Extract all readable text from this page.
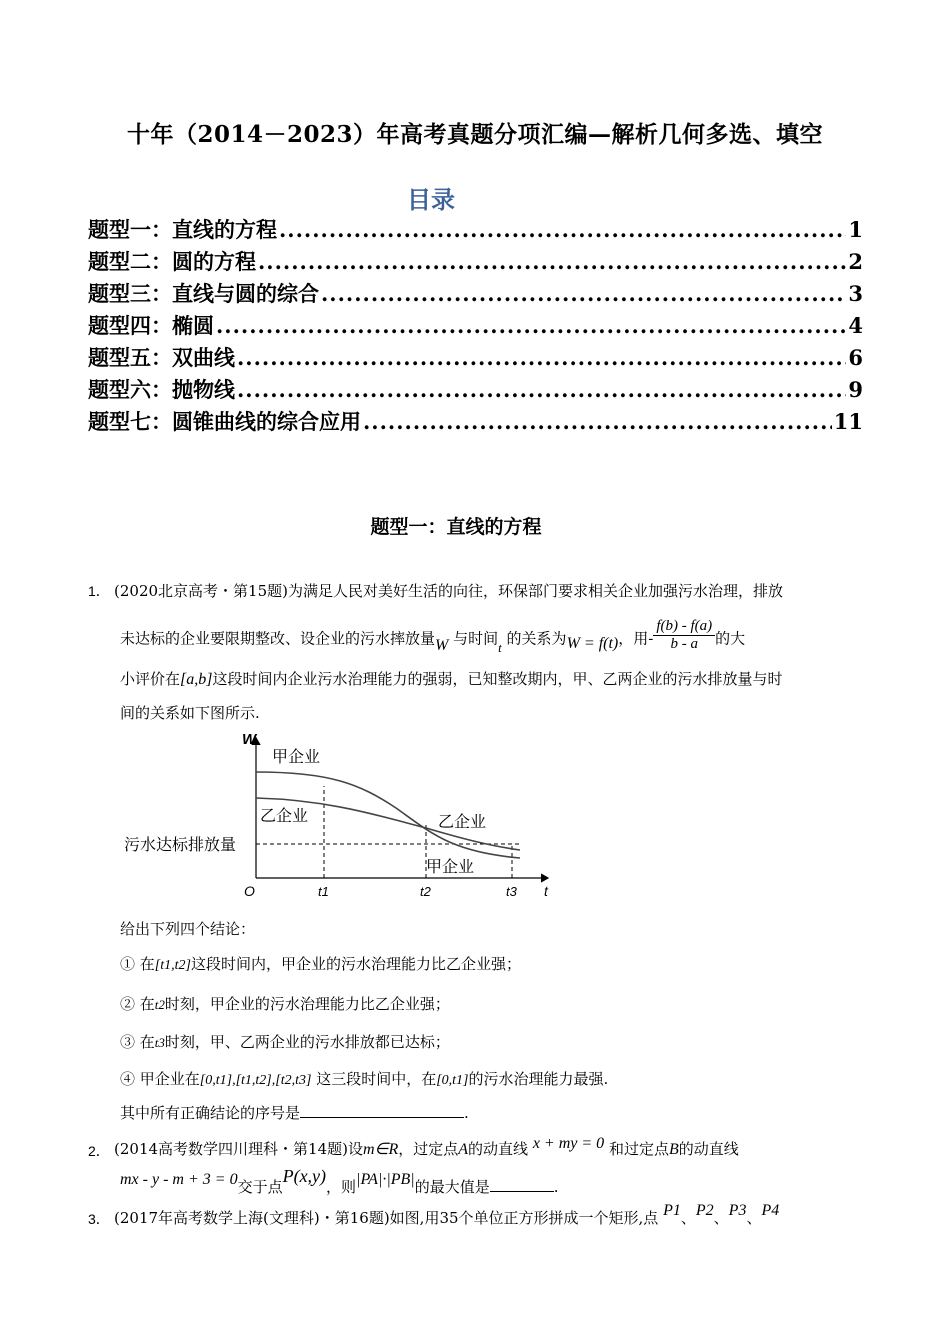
十年（2014－2023）年高考真题分项汇编—解析几何多选、填空
目录
题型一：直线的方程 .....	1
题型二：圆的方程 .....	2
题型三：直线与圆的综合 .....	3
题型四：椭圆 .....	4
题型五：双曲线 .....	6
题型六：抛物线 .....	9
题型七：圆锥曲线的综合应用 .....	11
题型一：直线的方程
1． (2020北京高考・第15题)为满足人民对美好生活的向往，环保部门要求相关企业加强污水治理，排放
未达标的企业要限期整改、设企业的污水摔放量W 与时间t 的关系为W = f(t)，用- $\frac{f(b) - f(a)}{b - a}$ 的大
小评价在[a,b]这段时间内企业污水治理能力的强弱，已知整改期内，甲、乙两企业的污水排放量与时
间的关系如下图所示.
W
t
O
甲企业
乙企业	乙企业
甲企业
污水达标排放量
t1	t2	t3
给出下列四个结论：
① 在[t1,t2]这段时间内，甲企业的污水治理能力比乙企业强；
② 在t2时刻，甲企业的污水治理能力比乙企业强；
③ 在t3时刻，甲、乙两企业的污水排放都已达标；
④ 甲企业在[0,t1],[t1,t2],[t2,t3] 这三段时间中，在[0,t1]的污水治理能力最强.
其中所有正确结论的序号是	.
2． (2014高考数学四川理科・第14题)设m∈R，过定点A的动直线 x + my = 0 和过定点B的动直线
mx - y - m + 3 = 0交于点P(x,y)，则|PA|·|PB|的最大值是	.
3． (2017年高考数学上海(文理科)・第16题)如图,用35个单位正方形拼成一个矩形,点 P1、P2、P3、P4
